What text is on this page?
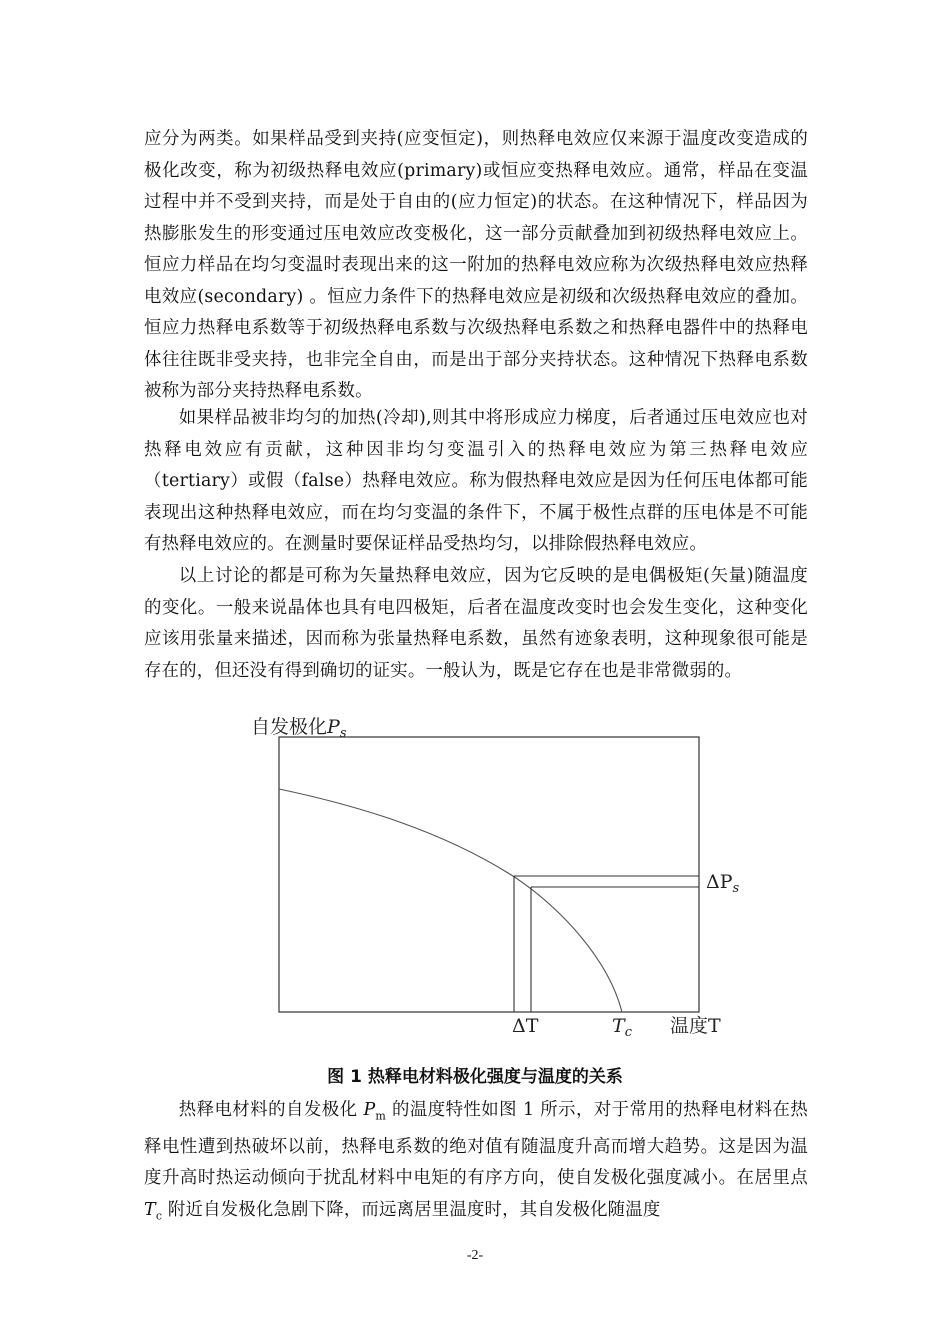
应分为两类。如果样品受到夹持(应变恒定)，则热释电效应仅来源于温度改变造成的极化改变，称为初级热释电效应(primary)或恒应变热释电效应。通常，样品在变温过程中并不受到夹持，而是处于自由的(应力恒定)的状态。在这种情况下，样品因为热膨胀发生的形变通过压电效应改变极化，这一部分贡献叠加到初级热释电效应上。恒应力样品在均匀变温时表现出来的这一附加的热释电效应称为次级热释电效应热释电效应(secondary) 。恒应力条件下的热释电效应是初级和次级热释电效应的叠加。恒应力热释电系数等于初级热释电系数与次级热释电系数之和热释电器件中的热释电体往往既非受夹持，也非完全自由，而是出于部分夹持状态。这种情况下热释电系数被称为部分夹持热释电系数。

如果样品被非均匀的加热(冷却),则其中将形成应力梯度，后者通过压电效应也对热释电效应有贡献，这种因非均匀变温引入的热释电效应为第三热释电效应（tertiary）或假（false）热释电效应。称为假热释电效应是因为任何压电体都可能表现出这种热释电效应，而在均匀变温的条件下，不属于极性点群的压电体是不可能有热释电效应的。在测量时要保证样品受热均匀，以排除假热释电效应。

以上讨论的都是可称为矢量热释电效应，因为它反映的是电偶极矩(矢量)随温度的变化。一般来说晶体也具有电四极矩，后者在温度改变时也会发生变化，这种变化应该用张量来描述，因而称为张量热释电系数，虽然有迹象表明，这种现象很可能是存在的，但还没有得到确切的证实。一般认为，既是它存在也是非常微弱的。

自发极化$P_s$
$\Delta P_s$
ΔT	$T_c$ 温度T
图 1 热释电材料极化强度与温度的关系

热释电材料的自发极化 $P_m$ 的温度特性如图 1 所示，对于常用的热释电材料在热释电性遭到热破坏以前，热释电系数的绝对值有随温度升高而增大趋势。这是因为温度升高时热运动倾向于扰乱材料中电矩的有序方向，使自发极化强度减小。在居里点 $T_c$ 附近自发极化急剧下降，而远离居里温度时，其自发极化随温度

-2-
